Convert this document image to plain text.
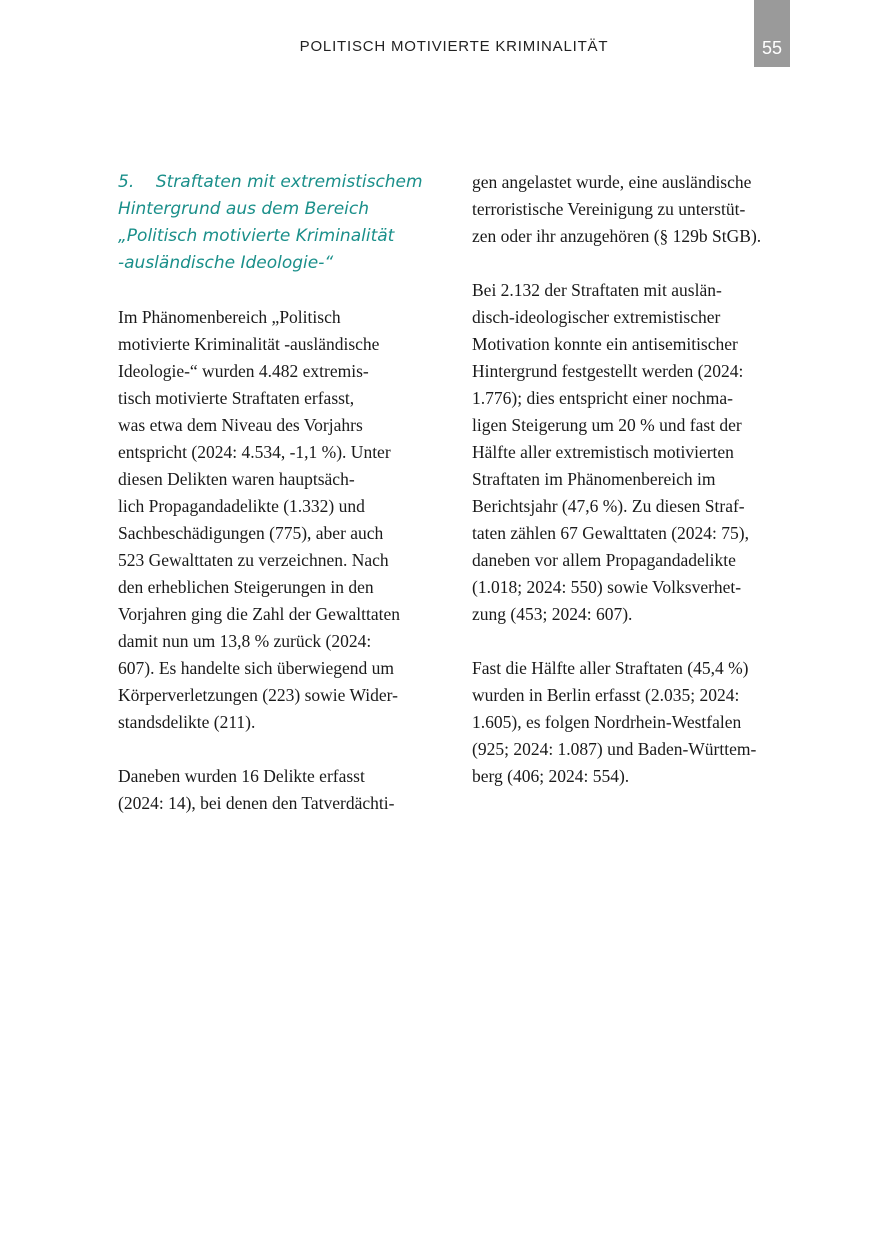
POLITISCH MOTIVIERTE KRIMINALITÄT	55
5.    Straftaten mit extremistischem
Hintergrund aus dem Bereich
„Politisch motivierte Kriminalität
-ausländische Ideologie-“
Im Phänomenbereich „Politisch
motivierte Kriminalität -ausländische
Ideologie-“ wurden 4.482 extremis-
tisch motivierte Straftaten erfasst,
was etwa dem Niveau des Vorjahrs
entspricht (2024: 4.534, -1,1 %). Unter
diesen Delikten waren hauptsäch-
lich Propagandadelikte (1.332) und
Sachbeschädigungen (775), aber auch
523 Gewalttaten zu verzeichnen. Nach
den erheblichen Steigerungen in den
Vorjahren ging die Zahl der Gewalttaten
damit nun um 13,8 % zurück (2024:
607). Es handelte sich überwiegend um
Körperverletzungen (223) sowie Wider-
standsdelikte (211).
Daneben wurden 16 Delikte erfasst
(2024: 14), bei denen den Tatverdächti-
gen angelastet wurde, eine ausländische
terroristische Vereinigung zu unterstüt-
zen oder ihr anzugehören (§ 129b StGB).
Bei 2.132 der Straftaten mit auslän-
disch-ideologischer extremistischer
Motivation konnte ein antisemitischer
Hintergrund festgestellt werden (2024:
1.776); dies entspricht einer nochma-
ligen Steigerung um 20 % und fast der
Hälfte aller extremistisch motivierten
Straftaten im Phänomenbereich im
Berichtsjahr (47,6 %). Zu diesen Straf-
taten zählen 67 Gewalttaten (2024: 75),
daneben vor allem Propagandadelikte
(1.018; 2024: 550) sowie Volksverhet-
zung (453; 2024: 607).
Fast die Hälfte aller Straftaten (45,4 %)
wurden in Berlin erfasst (2.035; 2024:
1.605), es folgen Nordrhein-Westfalen
(925; 2024: 1.087) und Baden-Württem-
berg (406; 2024: 554).
